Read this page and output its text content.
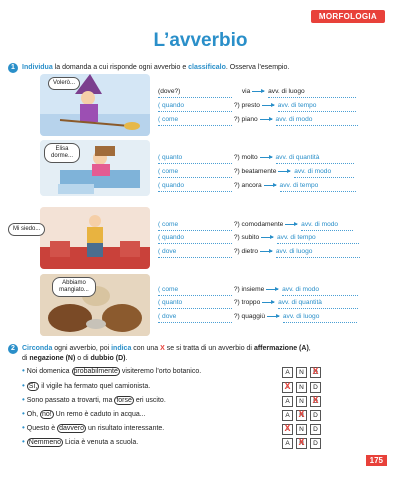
MORFOLOGIA
L’avverbio
1	Individua la domanda a cui risponde ogni avverbio e classificalo. Osserva l’esempio.
Volerò...
Elisa dorme...
Mi siedo...
Abbiamo mangiato...
(dove?)	via	avv. di luogo
( quando	?) presto	avv. di tempo
( come	?) piano	avv. di modo
( quanto	?) molto	avv. di quantità
( come	?) beatamente	avv. di modo
( quando	?) ancora	avv. di tempo
( come	?) comodamente	avv. di modo
( quando	?) subito	avv. di tempo
( dove	?) dietro	avv. di luogo
( come	?) insieme	avv. di modo
( quanto	?) troppo	avv. di quantità
( dove	?) quaggiù	avv. di luogo
2	Circonda ogni avverbio, poi indica con una X se si tratta di un avverbio di affermazione (A),
di negazione (N) o di dubbio (D).
• Noi domenica probabilmente visiteremo l’orto botanico.
• Sì, il vigile ha fermato quel camionista.
• Sono passato a trovarti, ma forse eri uscito.
• Oh, no! Un remo è caduto in acqua...
• Questo è davvero un risultato interessante.
• Nemmeno Licia è venuta a scuola.
A	N	D X
A X	N	D
A	N	D X
A	N X	D
A X	N	D
A	N X	D
175
